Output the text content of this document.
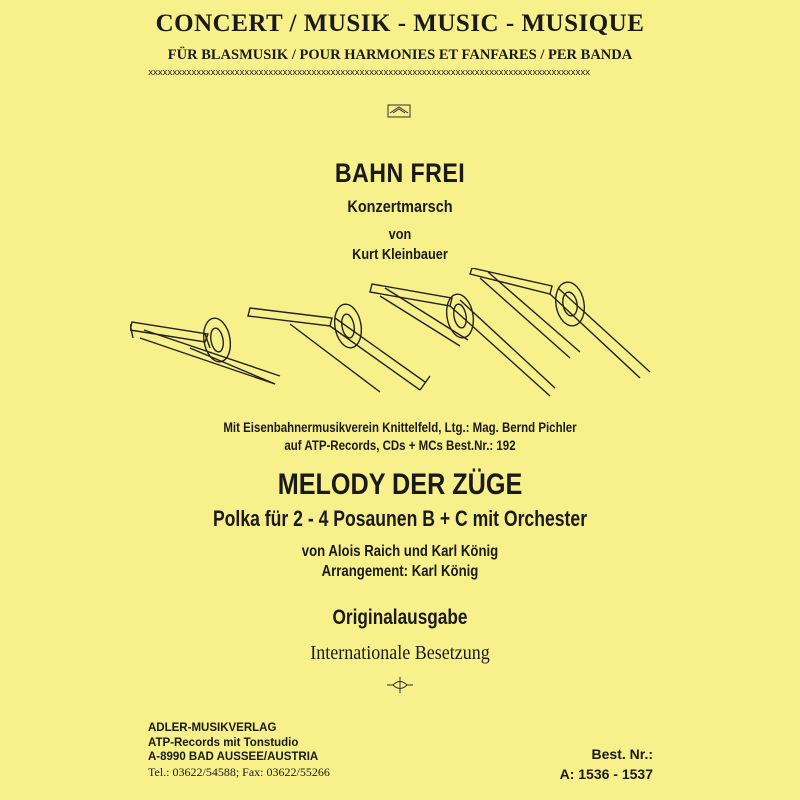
CONCERT / MUSIK - MUSIC - MUSIQUE
FÜR BLASMUSIK / POUR HARMONIES ET FANFARES / PER BANDA
xxxxxxxxxxxxxxxxxxxxxxxxxxxxxxxxxxxxxxxxxxxxxxxxxxxxxxxxxxxxxxxxxxxxxxxxxxxxxxxxxxxxxxxxxxxx
BAHN FREI
Konzertmarsch
von
Kurt Kleinbauer
Mit Eisenbahnermusikverein Knittelfeld, Ltg.: Mag. Bernd Pichler
auf ATP-Records, CDs + MCs Best.Nr.: 192
MELODY DER ZÜGE
Polka für 2 - 4 Posaunen B + C mit Orchester
von Alois Raich und Karl König
Arrangement: Karl König
Originalausgabe
Internationale Besetzung
ADLER-MUSIKVERLAG
ATP-Records mit Tonstudio
A-8990 BAD AUSSEE/AUSTRIA
Tel.: 03622/54588; Fax: 03622/55266
Best. Nr.:
A: 1536 - 1537
